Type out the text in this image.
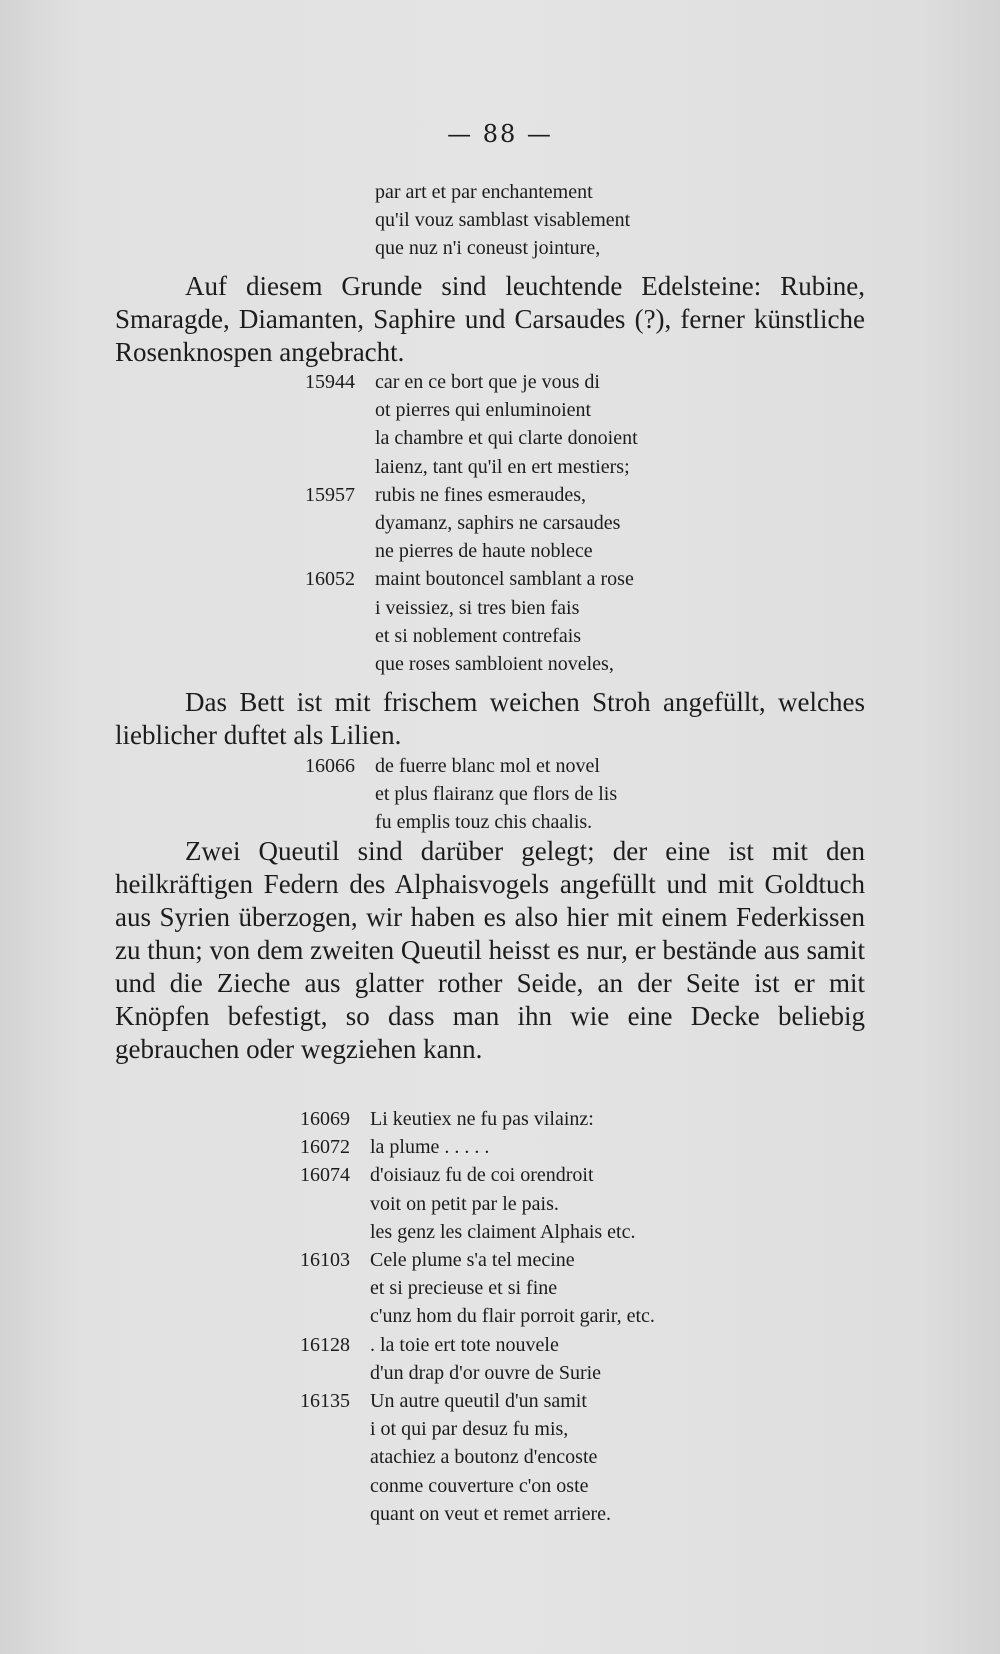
— 88 —
par art et par enchantement
qu'il vouz samblast visablement
que nuz n'i coneust jointure,

Auf diesem Grunde sind leuchtende Edelsteine: Rubine, Smaragde, Diamanten, Saphire und Carsaudes (?), ferner künstliche Rosenknospen angebracht.

15944	car en ce bort que je vous di
ot pierres qui enluminoient
la chambre et qui clarte donoient
laienz, tant qu'il en ert mestiers;
15957	rubis ne fines esmeraudes,
dyamanz, saphirs ne carsaudes
ne pierres de haute noblece
16052	maint boutoncel samblant a rose
i veissiez, si tres bien fais
et si noblement contrefais
que roses sambloient noveles,

Das Bett ist mit frischem weichen Stroh angefüllt, welches lieblicher duftet als Lilien.

16066	de fuerre blanc mol et novel
et plus flairanz que flors de lis
fu emplis touz chis chaalis.

Zwei Queutil sind darüber gelegt; der eine ist mit den heilkräftigen Federn des Alphaisvogels angefüllt und mit Goldtuch aus Syrien überzogen, wir haben es also hier mit einem Federkissen zu thun; von dem zweiten Queutil heisst es nur, er bestände aus samit und die Zieche aus glatter rother Seide, an der Seite ist er mit Knöpfen befestigt, so dass man ihn wie eine Decke beliebig gebrauchen oder wegziehen kann.

16069	Li keutiex ne fu pas vilainz:
16072	la plume . . . . .
16074	d'oisiauz fu de coi orendroit
voit on petit par le pais.
les genz les claiment Alphais etc.
16103	Cele plume s'a tel mecine
et si precieuse et si fine
c'unz hom du flair porroit garir, etc.
16128	. la toie ert tote nouvele
d'un drap d'or ouvre de Surie
16135	Un autre queutil d'un samit
i ot qui par desuz fu mis,
atachiez a boutonz d'encoste
conme couverture c'on oste
quant on veut et remet arriere.
